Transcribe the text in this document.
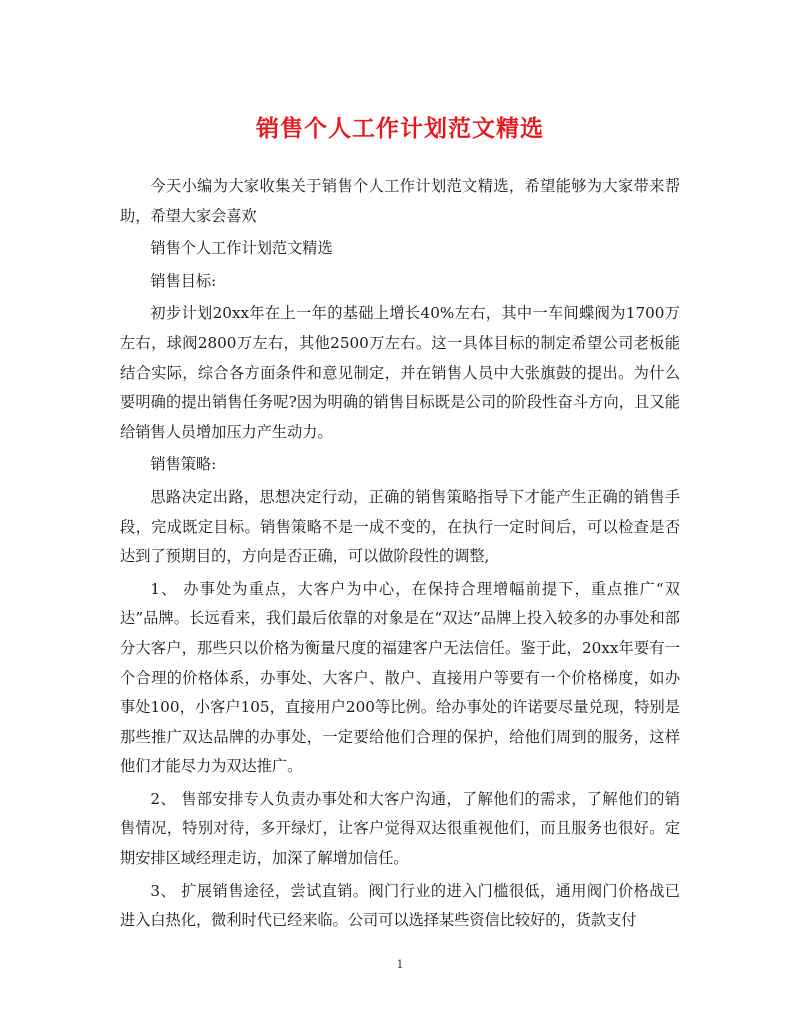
销售个人工作计划范文精选

今天小编为大家收集关于销售个人工作计划范文精选，希望能够为大家带来帮助，希望大家会喜欢

销售个人工作计划范文精选

销售目标:

初步计划20xx年在上一年的基础上增长40%左右，其中一车间蝶阀为1700万左右，球阀2800万左右，其他2500万左右。这一具体目标的制定希望公司老板能结合实际，综合各方面条件和意见制定，并在销售人员中大张旗鼓的提出。为什么要明确的提出销售任务呢?因为明确的销售目标既是公司的阶段性奋斗方向，且又能给销售人员增加压力产生动力。

销售策略:

思路决定出路，思想决定行动，正确的销售策略指导下才能产生正确的销售手段，完成既定目标。销售策略不是一成不变的，在执行一定时间后，可以检查是否达到了预期目的，方向是否正确，可以做阶段性的调整,

1、 办事处为重点，大客户为中心，在保持合理增幅前提下，重点推广“双达”品牌。长远看来，我们最后依靠的对象是在“双达”品牌上投入较多的办事处和部分大客户，那些只以价格为衡量尺度的福建客户无法信任。鉴于此，20xx年要有一个合理的价格体系，办事处、大客户、散户、直接用户等要有一个价格梯度，如办事处100，小客户105，直接用户200等比例。给办事处的许诺要尽量兑现，特别是那些推广双达品牌的办事处，一定要给他们合理的保护，给他们周到的服务，这样他们才能尽力为双达推广。

2、 售部安排专人负责办事处和大客户沟通，了解他们的需求，了解他们的销售情况，特别对待，多开绿灯，让客户觉得双达很重视他们，而且服务也很好。定期安排区域经理走访，加深了解增加信任。

3、 扩展销售途径，尝试直销。阀门行业的进入门槛很低，通用阀门价格战已进入白热化，微利时代已经来临。公司可以选择某些资信比较好的，货款支付

1
